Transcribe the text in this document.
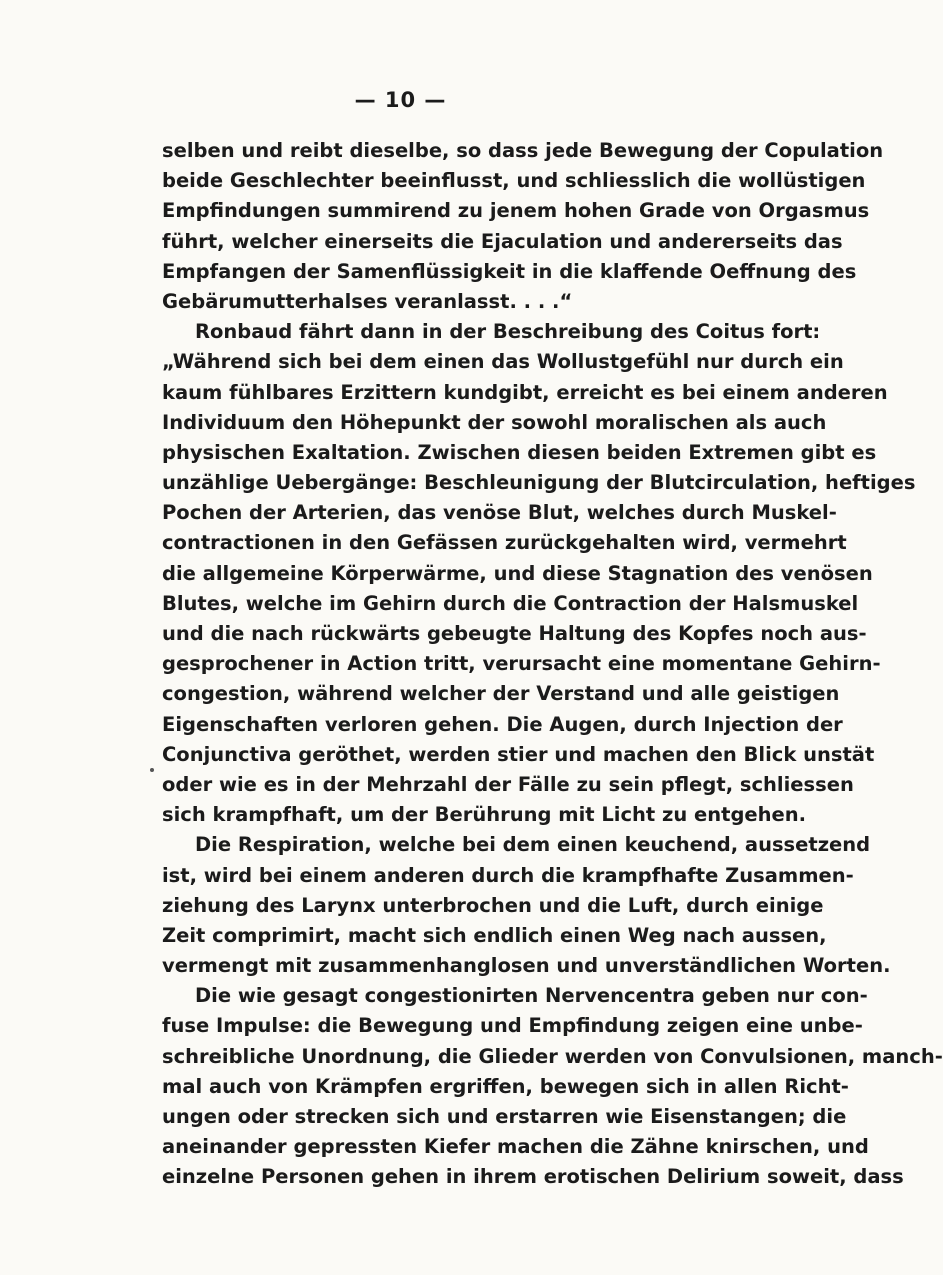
— 10 —
selben und reibt dieselbe, so dass jede Bewegung der Copulation
beide Geschlechter beeinflusst, und schliesslich die wollüstigen
Empfindungen summirend zu jenem hohen Grade von Orgasmus
führt, welcher einerseits die Ejaculation und andererseits das
Empfangen der Samenflüssigkeit in die klaffende Oeffnung des
Gebärumutterhalses veranlasst. . . .“
Ronbaud fährt dann in der Beschreibung des Coitus fort:
„Während sich bei dem einen das Wollustgefühl nur durch ein
kaum fühlbares Erzittern kundgibt, erreicht es bei einem anderen
Individuum den Höhepunkt der sowohl moralischen als auch
physischen Exaltation. Zwischen diesen beiden Extremen gibt es
unzählige Uebergänge: Beschleunigung der Blutcirculation, heftiges
Pochen der Arterien, das venöse Blut, welches durch Muskel-
contractionen in den Gefässen zurückgehalten wird, vermehrt
die allgemeine Körperwärme, und diese Stagnation des venösen
Blutes, welche im Gehirn durch die Contraction der Halsmuskel
und die nach rückwärts gebeugte Haltung des Kopfes noch aus-
gesprochener in Action tritt, verursacht eine momentane Gehirn-
congestion, während welcher der Verstand und alle geistigen
Eigenschaften verloren gehen. Die Augen, durch Injection der
Conjunctiva geröthet, werden stier und machen den Blick unstät
oder wie es in der Mehrzahl der Fälle zu sein pflegt, schliessen
sich krampfhaft, um der Berührung mit Licht zu entgehen.
Die Respiration, welche bei dem einen keuchend, aussetzend
ist, wird bei einem anderen durch die krampfhafte Zusammen-
ziehung des Larynx unterbrochen und die Luft, durch einige
Zeit comprimirt, macht sich endlich einen Weg nach aussen,
vermengt mit zusammenhanglosen und unverständlichen Worten.
Die wie gesagt congestionirten Nervencentra geben nur con-
fuse Impulse: die Bewegung und Empfindung zeigen eine unbe-
schreibliche Unordnung, die Glieder werden von Convulsionen, manch-
mal auch von Krämpfen ergriffen, bewegen sich in allen Richt-
ungen oder strecken sich und erstarren wie Eisenstangen; die
aneinander gepressten Kiefer machen die Zähne knirschen, und
einzelne Personen gehen in ihrem erotischen Delirium soweit, dass
